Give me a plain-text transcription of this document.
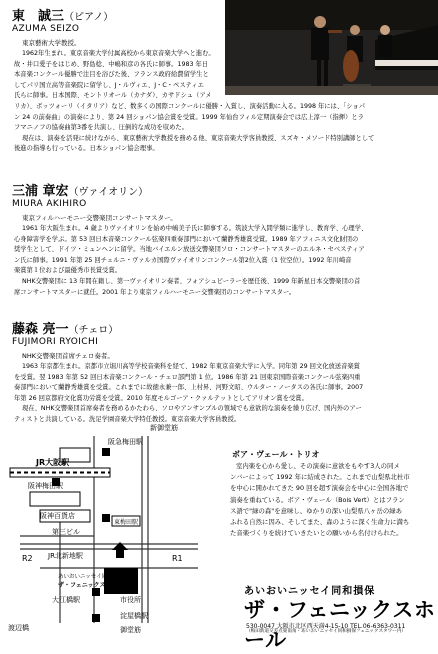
東　誠三（ピアノ）
AZUMA SEIZO
東京藝術大学教授。
1962年生まれ。東京音楽大学付属高校から東京音楽大学へと進む。
故・井口愛子をはじめ、野島稔、中嶋和彦の各氏に師事。1983 年日
本音楽コンクール優勝で注目を浴びた後、フランス政府給費留学生と
してパリ国立高等音楽院に留学し、J・ルヴィエ、J・C・ペスティエ
氏らに師事。日本国際、モントリオール（カナダ）、カサドシュ（アメ
リカ）、ボッツォーリ（イタリア）など、数多くの国際コンクールに優勝・入賞し、演奏活動に入る。1998 年には、「ショパ
ン 24 の前奏曲」の演奏により、第 24 回ショパン協会賞を受賞。1999 年仙台フィル定期演奏会では広上淳一（指揮）とラ
フマニノフの協奏曲第3番を共演し、圧倒的な成功を収めた。
現在は、演奏を活発に続けながら、東京藝術大学教授を務める他、東京音楽大学客員教授、スズキ・メソード特別講師として
後進の指導も行っている。日本ショパン協会理事。
三浦 章宏（ヴァイオリン）
MIURA AKIHIRO
東京フィルハーモニー交響楽団コンサートマスター。
1961 年大阪生まれ。4 歳よりヴァイオリンを始め中嶋美子氏に師事する。筑波大学入間学類に進学し、教育学、心理学、
心身障害学を学ぶ。第 53 回日本音楽コンクール弦楽四重奏部門において蘭静秀雄賞受賞。1989 年アフィニス文化財団の
奨学生として、ドイツ・ミュンヘンに留学。当地バイエルン放送交響楽団ソロ・コンサートマスターのエルネ・セベスティア
ン氏に師事。1991 年第 25 回チェルニ・ヴァルカ国際ヴァイオリンコンクール第2位入賞（1 位空位）。1992 年川崎音
楽賞第１位および最優秀市長賞受賞。
NHK交響楽団に 13 年間在籍し、第一ヴァイオリン奏者、フォアシュピーラーを歴任後、1999 年新星日本交響楽団の首
席コンサートマスターに就任。2001 年より東京フィルハーモニー交響楽団のコンサートマスター。
藤森 亮一（チェロ）
FUJIMORI RYOICHI
NHK交響楽団首席チェロ奏者。
1963 年京都生まれ。京都市立堀川高等学校音楽科を経て、1982 年東京音楽大学に入学。同年第 29 回文化放送音楽賞
を受賞。翌 1983 年第 52 回日本音楽コンクール・チェロ部門第 1 位。1986 年第 21 回東京国際音楽コンクール弦楽四重
奏部門において蘭静秀雄賞を受賞。これまでに故徳永兼一郎、上村昇、河野文昭、ウルター・ノータスの各氏に師事。2007
年第 26 回京都府文化賞功労賞を受賞。2010 年度モルゴーア・クァルテットとしてアリオン賞を受賞。
現在、NHK交響楽団首席奏者を務めるかたわら、ソロやアンサンブルの領域でも意欲的な演奏を繰り広げ、国内外のアー
ティストと共演している。洗足学園音楽大学特任教授。東京音楽大学客員教授。
新御堂筋
阪急梅田駅
JR大阪駅
阪神梅田駅
阪神百貨店
東梅田駅
第三ビル
R2	R1
JR北新地駅
あいおいニッセイ同和損保
ザ・フェニックスホール
大江橋駅	市役所
淀屋橋駅
渡辺橋	御堂筋
ボア・ヴェール・トリオ
室内楽を心から愛し、その演奏に意欲をもやす3人の同メ
ンバーによって 1992 年に結成された。これまで山梨県北杜市
を中心に開かれてきた 90 回を超す演奏会を中心に全国各地で
演奏を重ねている。ボア・ヴェール（Bois Vert）とはフラン
ス語で"緑の森"を意味し、ゆかりの深い山梨県八ヶ岳の緑あ
ふれる自然に因み、そしてまた、森のように深く生命力に満ち
た音楽づくりを続けていきたいとの願いから名付けられた。
あいおいニッセイ同和損保
ザ・フェニックスホール
530-0047 大阪市北区西天満4-15-10 TEL.06-6363-0311
（梅田新道交差点東南角・あいおいニッセイ同和損保フェニックスタワー内）
